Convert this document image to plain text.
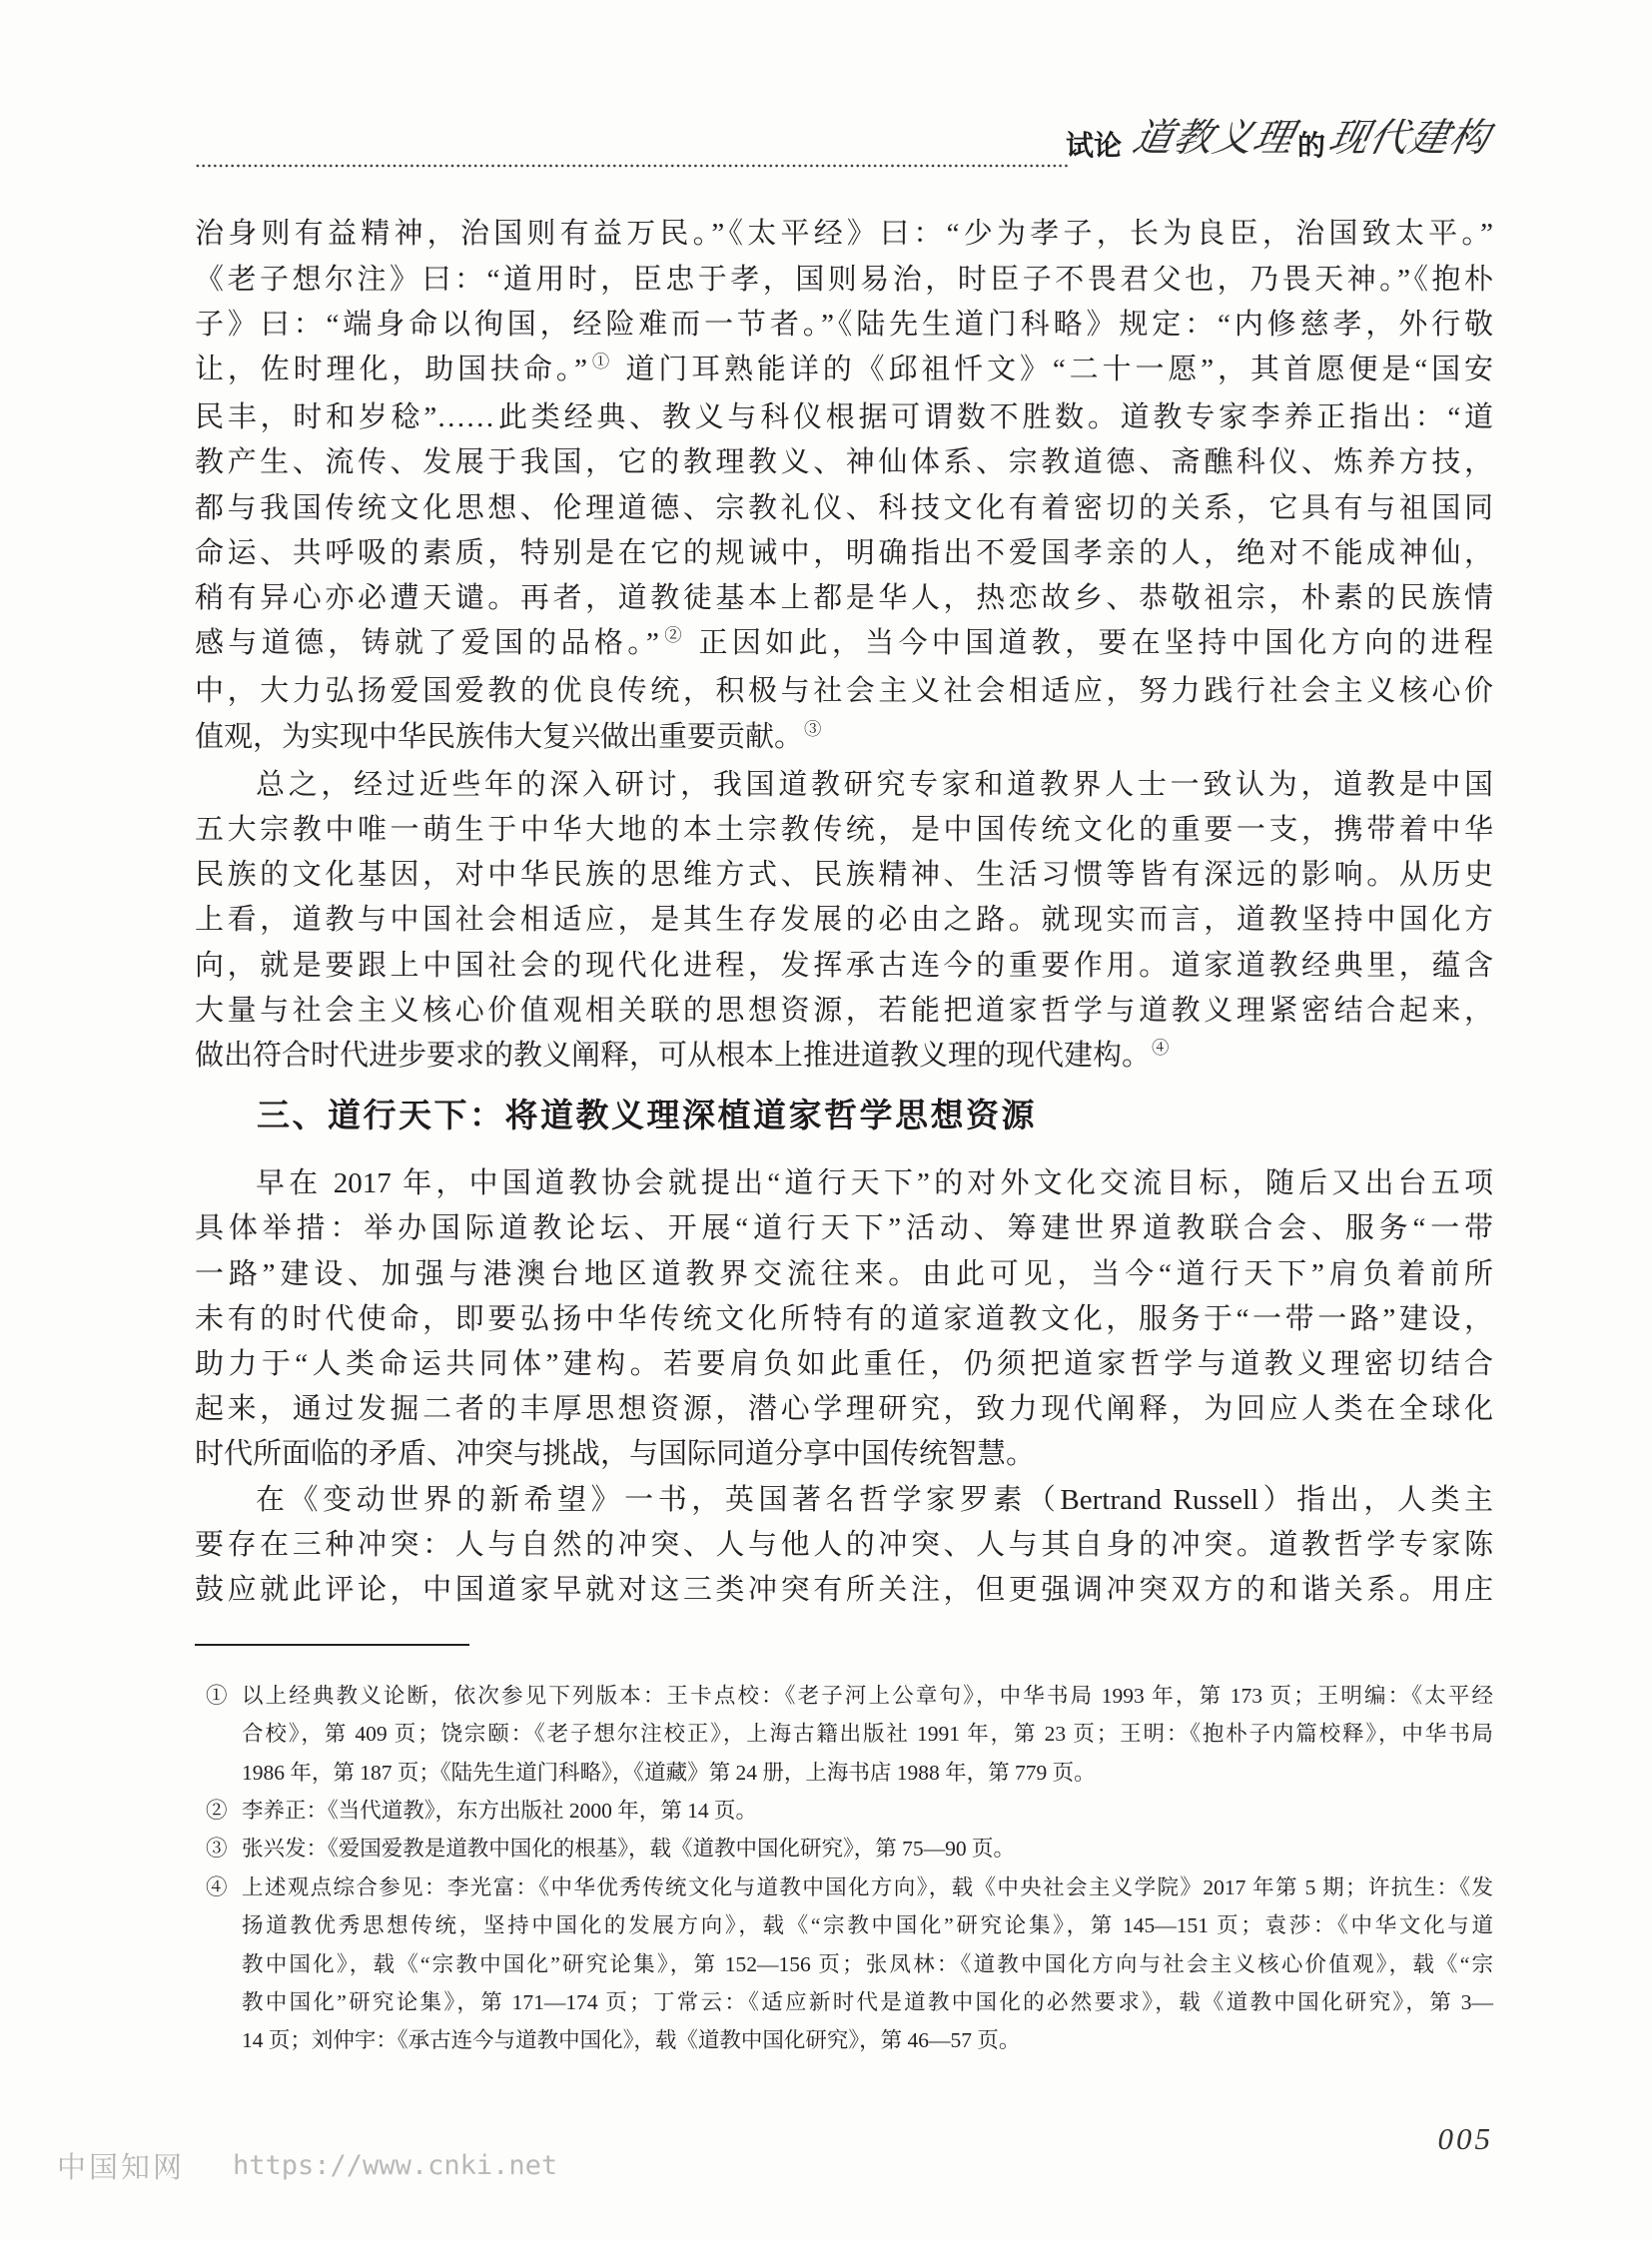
试论 道教义理 的 现代建构
治身则有益精神，治国则有益万民。”《太平经》曰：“少为孝子，长为良臣，治国致太平。”
《老子想尔注》曰：“道用时，臣忠于孝，国则易治，时臣子不畏君父也，乃畏天神。”《抱朴
子》曰：“端身命以徇国，经险难而一节者。”《陆先生道门科略》规定：“内修慈孝，外行敬
让，佐时理化，助国扶命。”① 道门耳熟能详的《邱祖忏文》“二十一愿”，其首愿便是“国安
民丰，时和岁稔”……此类经典、教义与科仪根据可谓数不胜数。道教专家李养正指出：“道
教产生、流传、发展于我国，它的教理教义、神仙体系、宗教道德、斋醮科仪、炼养方技，
都与我国传统文化思想、伦理道德、宗教礼仪、科技文化有着密切的关系，它具有与祖国同
命运、共呼吸的素质，特别是在它的规诫中，明确指出不爱国孝亲的人，绝对不能成神仙，
稍有异心亦必遭天谴。再者，道教徒基本上都是华人，热恋故乡、恭敬祖宗，朴素的民族情
感与道德，铸就了爱国的品格。”② 正因如此，当今中国道教，要在坚持中国化方向的进程
中，大力弘扬爱国爱教的优良传统，积极与社会主义社会相适应，努力践行社会主义核心价
值观，为实现中华民族伟大复兴做出重要贡献。③
总之，经过近些年的深入研讨，我国道教研究专家和道教界人士一致认为，道教是中国
五大宗教中唯一萌生于中华大地的本土宗教传统，是中国传统文化的重要一支，携带着中华
民族的文化基因，对中华民族的思维方式、民族精神、生活习惯等皆有深远的影响。从历史
上看，道教与中国社会相适应，是其生存发展的必由之路。就现实而言，道教坚持中国化方
向，就是要跟上中国社会的现代化进程，发挥承古连今的重要作用。道家道教经典里，蕴含
大量与社会主义核心价值观相关联的思想资源，若能把道家哲学与道教义理紧密结合起来，
做出符合时代进步要求的教义阐释，可从根本上推进道教义理的现代建构。④
三、道行天下：将道教义理深植道家哲学思想资源
早在 2017 年，中国道教协会就提出“道行天下”的对外文化交流目标，随后又出台五项
具体举措：举办国际道教论坛、开展“道行天下”活动、筹建世界道教联合会、服务“一带
一路”建设、加强与港澳台地区道教界交流往来。由此可见，当今“道行天下”肩负着前所
未有的时代使命，即要弘扬中华传统文化所特有的道家道教文化，服务于“一带一路”建设，
助力于“人类命运共同体”建构。若要肩负如此重任，仍须把道家哲学与道教义理密切结合
起来，通过发掘二者的丰厚思想资源，潜心学理研究，致力现代阐释，为回应人类在全球化
时代所面临的矛盾、冲突与挑战，与国际同道分享中国传统智慧。
在《变动世界的新希望》一书，英国著名哲学家罗素（Bertrand Russell）指出，人类主
要存在三种冲突：人与自然的冲突、人与他人的冲突、人与其自身的冲突。道教哲学专家陈
鼓应就此评论，中国道家早就对这三类冲突有所关注，但更强调冲突双方的和谐关系。用庄
① 以上经典教义论断，依次参见下列版本：王卡点校：《老子河上公章句》，中华书局 1993 年，第 173 页；王明编：《太平经
合校》，第 409 页；饶宗颐：《老子想尔注校正》，上海古籍出版社 1991 年，第 23 页；王明：《抱朴子内篇校释》，中华书局
1986 年，第 187 页；《陆先生道门科略》，《道藏》第 24 册，上海书店 1988 年，第 779 页。
② 李养正：《当代道教》，东方出版社 2000 年，第 14 页。
③ 张兴发：《爱国爱教是道教中国化的根基》，载《道教中国化研究》，第 75—90 页。
④ 上述观点综合参见：李光富：《中华优秀传统文化与道教中国化方向》，载《中央社会主义学院》2017 年第 5 期；许抗生：《发
扬道教优秀思想传统，坚持中国化的发展方向》，载《“宗教中国化”研究论集》，第 145—151 页；袁莎：《中华文化与道
教中国化》，载《“宗教中国化”研究论集》，第 152—156 页；张凤林：《道教中国化方向与社会主义核心价值观》，载《“宗
教中国化”研究论集》，第 171—174 页；丁常云：《适应新时代是道教中国化的必然要求》，载《道教中国化研究》，第 3—
14 页；刘仲宇：《承古连今与道教中国化》，载《道教中国化研究》，第 46—57 页。
005
中国知网 https://www.cnki.net
